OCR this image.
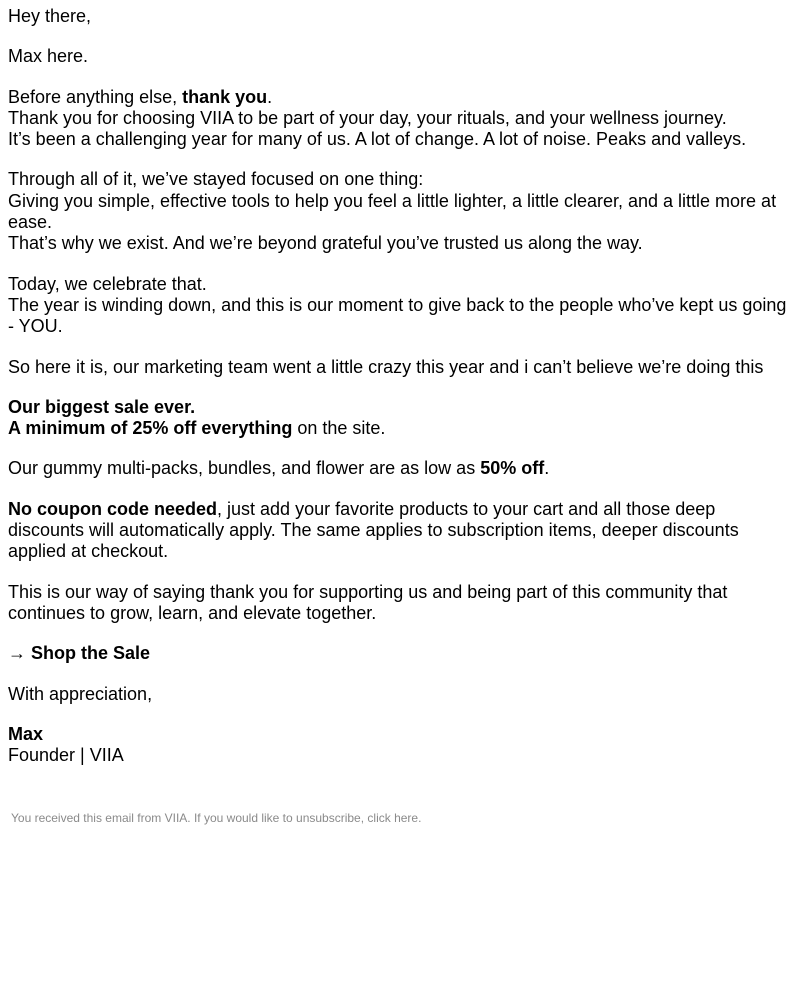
Hey there,

Max here.

Before anything else, thank you.
Thank you for choosing VIIA to be part of your day, your rituals, and your wellness journey.
It’s been a challenging year for many of us. A lot of change. A lot of noise. Peaks and valleys.

Through all of it, we’ve stayed focused on one thing:
Giving you simple, effective tools to help you feel a little lighter, a little clearer, and a little more at ease.
That’s why we exist. And we’re beyond grateful you’ve trusted us along the way.

Today, we celebrate that.
The year is winding down, and this is our moment to give back to the people who’ve kept us going - YOU.

So here it is, our marketing team went a little crazy this year and i can’t believe we’re doing this

Our biggest sale ever.
A minimum of 25% off everything on the site.

Our gummy multi-packs, bundles, and flower are as low as 50% off.

No coupon code needed, just add your favorite products to your cart and all those deep discounts will automatically apply. The same applies to subscription items, deeper discounts applied at checkout.

This is our way of saying thank you for supporting us and being part of this community that continues to grow, learn, and elevate together.

→ Shop the Sale

With appreciation,

Max
Founder | VIIA

You received this email from VIIA. If you would like to unsubscribe, click here.
